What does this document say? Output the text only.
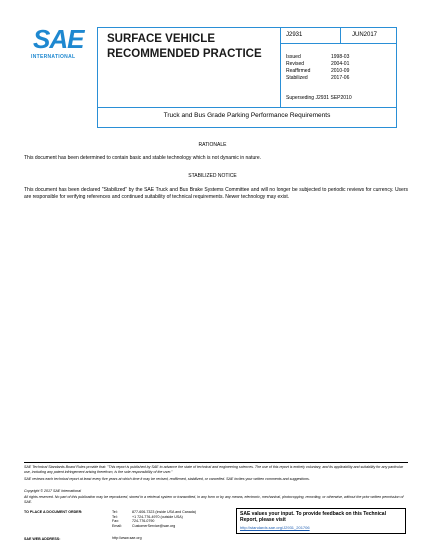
SAE
INTERNATIONAL
SURFACE VEHICLE
RECOMMENDED PRACTICE
J2931	JUN2017
Issued	1998-03
Revised	2004-01
Reaffirmed	2010-09
Stabilized	2017-06
Superseding J2931 SEP2010
Truck and Bus Grade Parking Performance Requirements
RATIONALE
This document has been determined to contain basic and stable technology which is not dynamic in nature.
STABILIZED NOTICE
This document has been declared "Stabilized" by the SAE Truck and Bus Brake Systems Committee and will no longer be subjected to periodic reviews for currency. Users are responsible for verifying references and continued suitability of technical requirements. Newer technology may exist.
SAE Technical Standards Board Rules provide that: "This report is published by SAE to advance the state of technical and engineering sciences. The use of this report is entirely voluntary, and its applicability and suitability for any particular use, including any patent infringement arising therefrom, is the sole responsibility of the user."
SAE reviews each technical report at least every five years at which time it may be revised, reaffirmed, stabilized, or cancelled. SAE invites your written comments and suggestions.
Copyright © 2017 SAE International
All rights reserved. No part of this publication may be reproduced, stored in a retrieval system or transmitted, in any form or by any means, electronic, mechanical, photocopying, recording, or otherwise, without the prior written permission of SAE.
TO PLACE A DOCUMENT ORDER:	Tel:	877-606-7323 (inside USA and Canada)
Tel:	+1 724-776-4970 (outside USA)
Fax:	724-776-0790
Email:	CustomerService@sae.org
SAE WEB ADDRESS:	http://www.sae.org
SAE values your input. To provide feedback on this Technical Report, please visit
http://standards.sae.org/J2931_201706
